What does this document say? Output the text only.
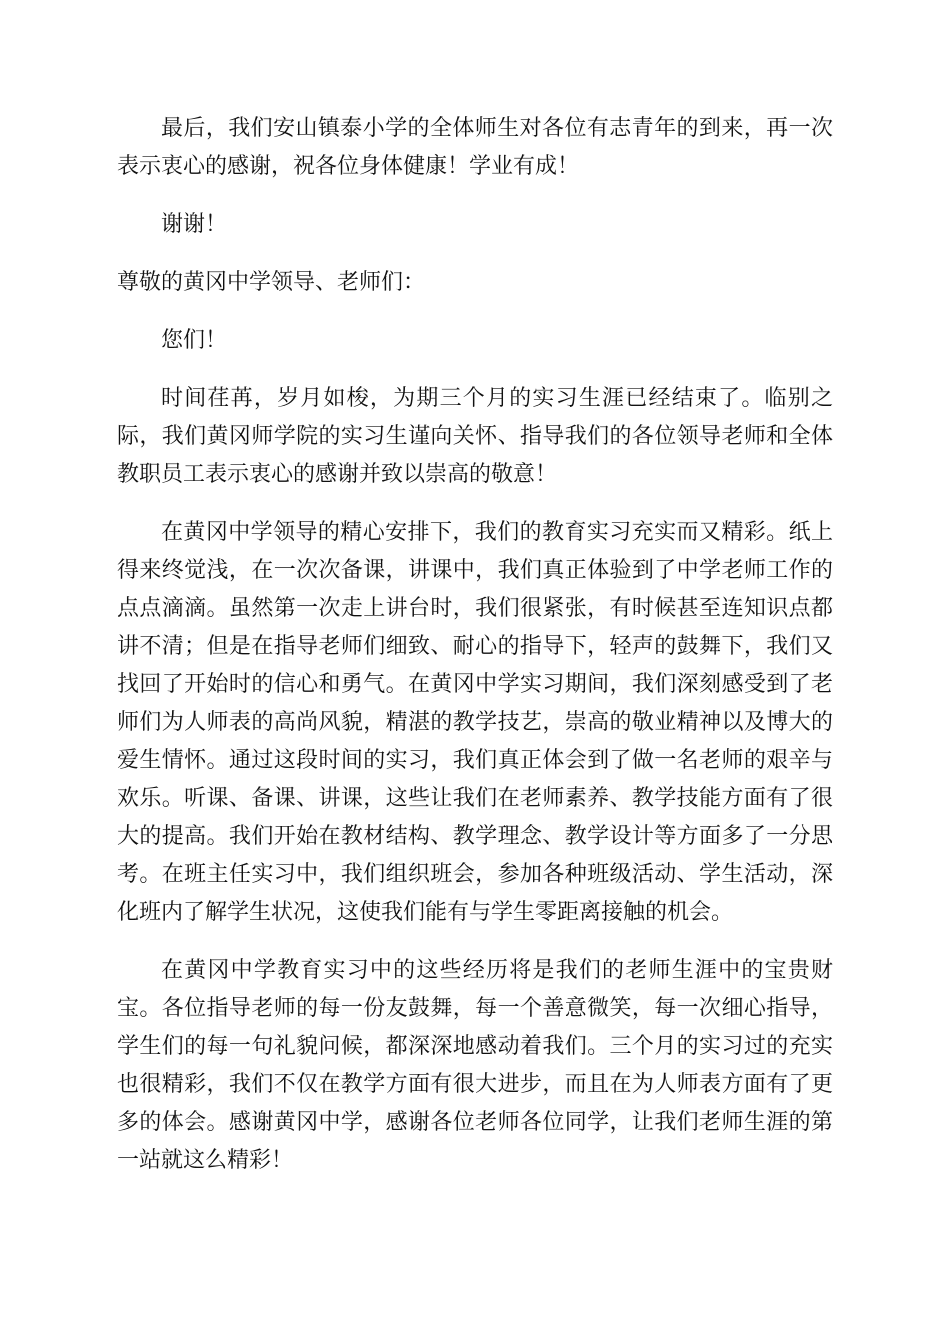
最后，我们安山镇泰小学的全体师生对各位有志青年的到来，再一次表示衷心的感谢，祝各位身体健康！学业有成！

谢谢！

尊敬的黄冈中学领导、老师们：

您们！

时间荏苒，岁月如梭，为期三个月的实习生涯已经结束了。临别之际，我们黄冈师学院的实习生谨向关怀、指导我们的各位领导老师和全体教职员工表示衷心的感谢并致以崇高的敬意！

在黄冈中学领导的精心安排下，我们的教育实习充实而又精彩。纸上得来终觉浅，在一次次备课，讲课中，我们真正体验到了中学老师工作的点点滴滴。虽然第一次走上讲台时，我们很紧张，有时候甚至连知识点都讲不清；但是在指导老师们细致、耐心的指导下，轻声的鼓舞下，我们又找回了开始时的信心和勇气。在黄冈中学实习期间，我们深刻感受到了老师们为人师表的高尚风貌，精湛的教学技艺，崇高的敬业精神以及博大的爱生情怀。通过这段时间的实习，我们真正体会到了做一名老师的艰辛与欢乐。听课、备课、讲课，这些让我们在老师素养、教学技能方面有了很大的提高。我们开始在教材结构、教学理念、教学设计等方面多了一分思考。在班主任实习中，我们组织班会，参加各种班级活动、学生活动，深化班内了解学生状况，这使我们能有与学生零距离接触的机会。

在黄冈中学教育实习中的这些经历将是我们的老师生涯中的宝贵财宝。各位指导老师的每一份友鼓舞，每一个善意微笑，每一次细心指导，学生们的每一句礼貌问候，都深深地感动着我们。三个月的实习过的充实也很精彩，我们不仅在教学方面有很大进步，而且在为人师表方面有了更多的体会。感谢黄冈中学，感谢各位老师各位同学，让我们老师生涯的第一站就这么精彩！
